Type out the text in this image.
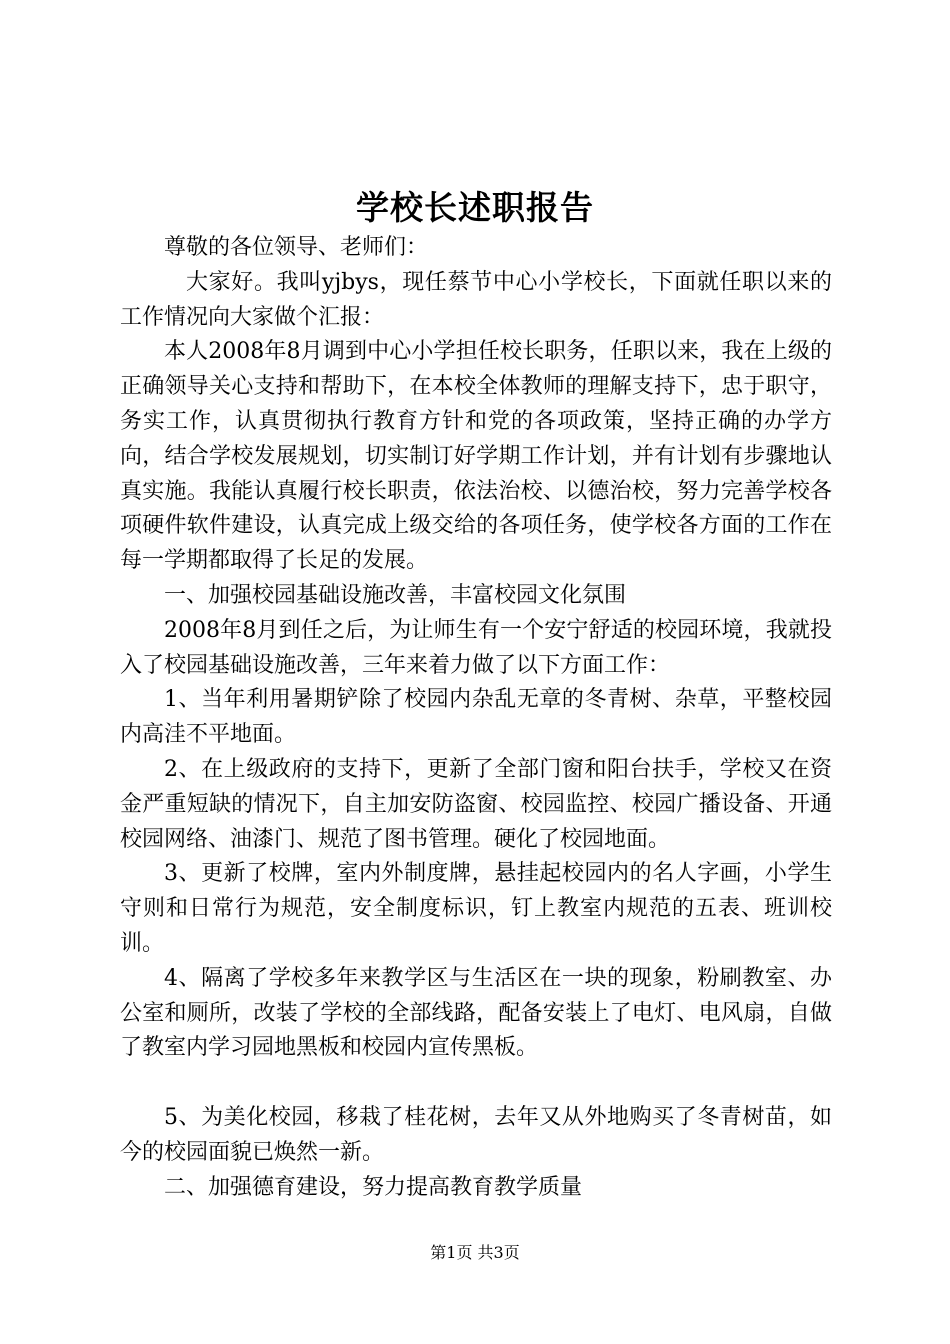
学校长述职报告

尊敬的各位领导、老师们：

大家好。我叫yjbys，现任蔡节中心小学校长，下面就任职以来的工作情况向大家做个汇报：

本人2008年8月调到中心小学担任校长职务，任职以来，我在上级的正确领导关心支持和帮助下，在本校全体教师的理解支持下，忠于职守，务实工作，认真贯彻执行教育方针和党的各项政策，坚持正确的办学方向，结合学校发展规划，切实制订好学期工作计划，并有计划有步骤地认真实施。我能认真履行校长职责，依法治校、以德治校，努力完善学校各项硬件软件建设，认真完成上级交给的各项任务，使学校各方面的工作在每一学期都取得了长足的发展。

一、加强校园基础设施改善，丰富校园文化氛围

2008年8月到任之后，为让师生有一个安宁舒适的校园环境，我就投入了校园基础设施改善，三年来着力做了以下方面工作：

1、当年利用暑期铲除了校园内杂乱无章的冬青树、杂草，平整校园内高洼不平地面。

2、在上级政府的支持下，更新了全部门窗和阳台扶手，学校又在资金严重短缺的情况下，自主加安防盗窗、校园监控、校园广播设备、开通校园网络、油漆门、规范了图书管理。硬化了校园地面。

3、更新了校牌，室内外制度牌，悬挂起校园内的名人字画，小学生守则和日常行为规范，安全制度标识，钉上教室内规范的五表、班训校训。

4、隔离了学校多年来教学区与生活区在一块的现象，粉刷教室、办公室和厕所，改装了学校的全部线路，配备安装上了电灯、电风扇，自做了教室内学习园地黑板和校园内宣传黑板。

5、为美化校园，移栽了桂花树，去年又从外地购买了冬青树苗，如今的校园面貌已焕然一新。

二、加强德育建设，努力提高教育教学质量

第1页 共3页
